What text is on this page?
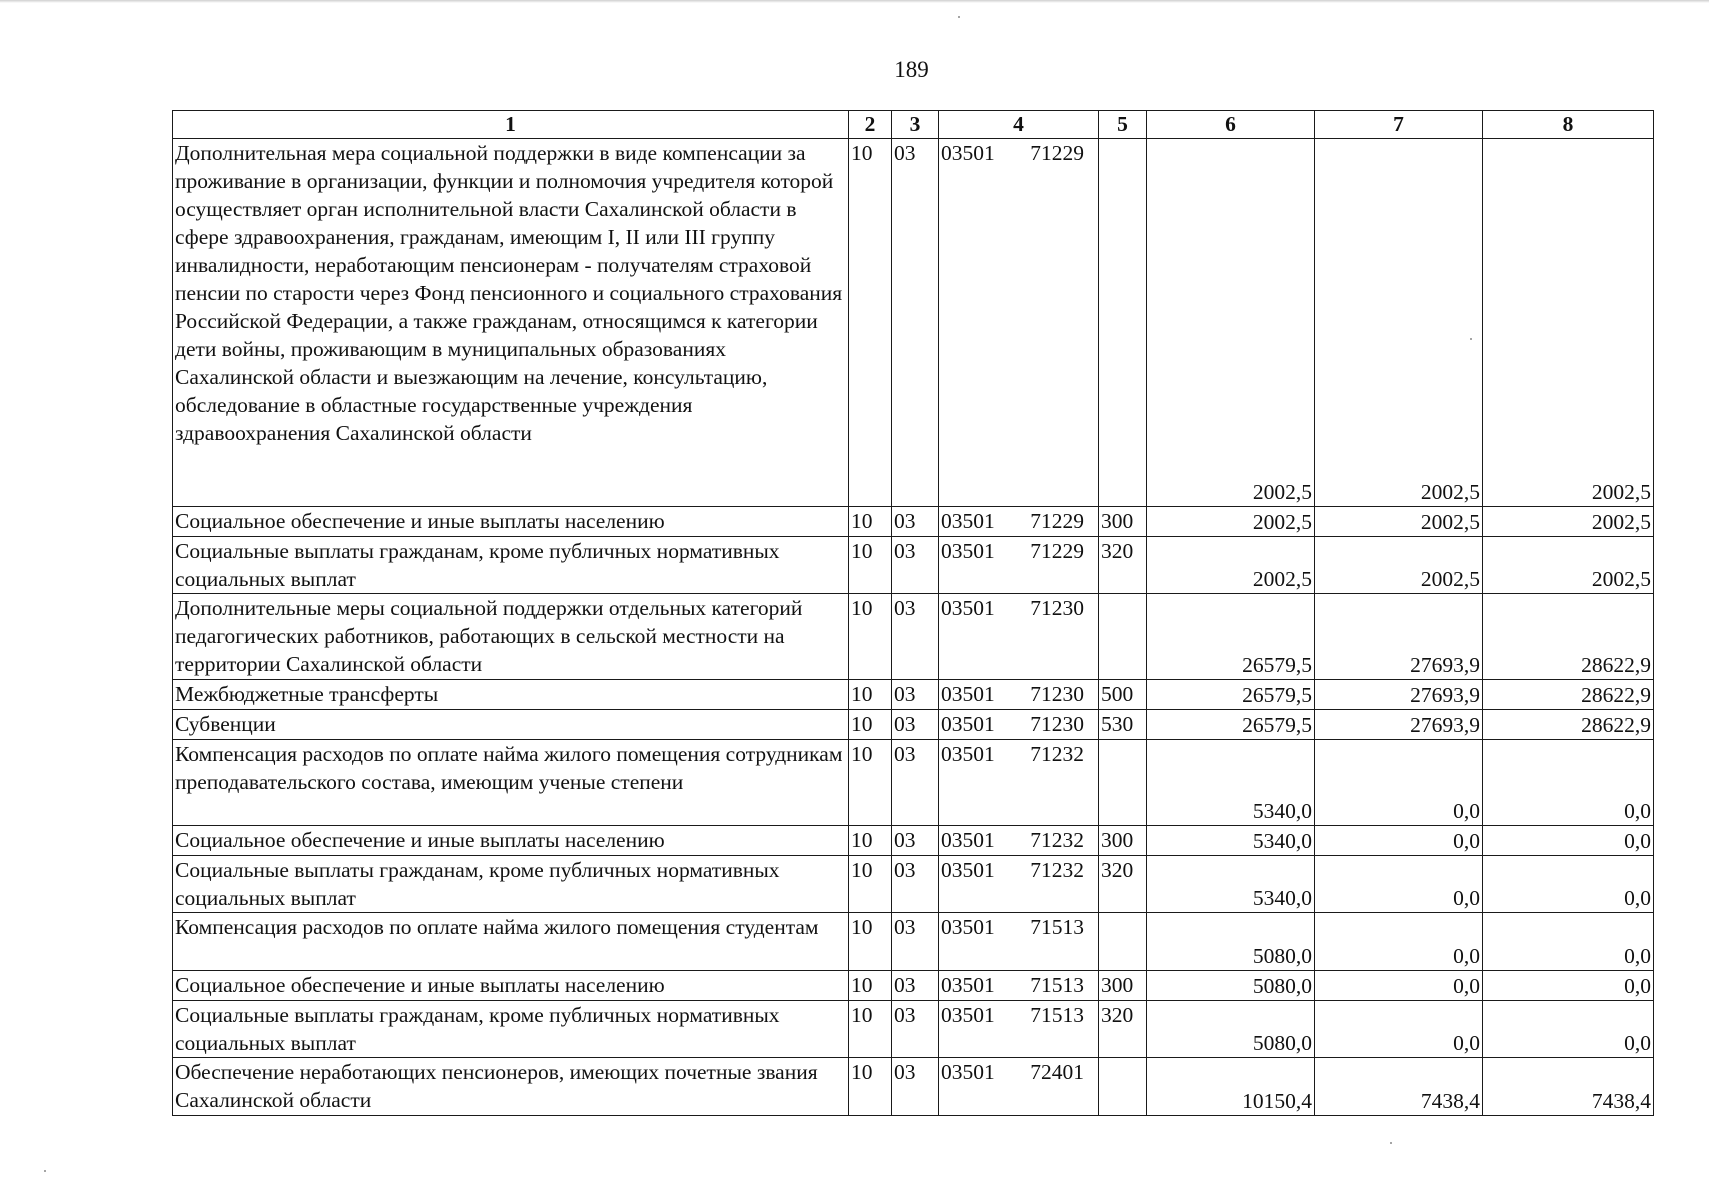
189
1	2	3	4	5	6	7	8
Дополнительная мера социальной поддержки в виде компенсации за проживание в организации, функции и полномочия учредителя которой осуществляет орган исполнительной власти Сахалинской области в сфере здравоохранения, гражданам, имеющим I, II или III группу инвалидности, неработающим пенсионерам - получателям страховой пенсии по старости через Фонд пенсионного и социального страхования Российской Федерации, а также гражданам, относящимся к категории дети войны, проживающим в муниципальных образованиях Сахалинской области и выезжающим на лечение, консультацию, обследование в областные государственные учреждения здравоохранения Сахалинской области	10	03	03501 71229		2002,5	2002,5	2002,5
Социальное обеспечение и иные выплаты населению	10	03	03501 71229	300	2002,5	2002,5	2002,5
Социальные выплаты гражданам, кроме публичных нормативных социальных выплат	10	03	03501 71229	320	2002,5	2002,5	2002,5
Дополнительные меры социальной поддержки отдельных категорий педагогических работников, работающих в сельской местности на территории Сахалинской области	10	03	03501 71230		26579,5	27693,9	28622,9
Межбюджетные трансферты	10	03	03501 71230	500	26579,5	27693,9	28622,9
Субвенции	10	03	03501 71230	530	26579,5	27693,9	28622,9
Компенсация расходов по оплате найма жилого помещения сотрудникам преподавательского состава, имеющим ученые степени	10	03	03501 71232		5340,0	0,0	0,0
Социальное обеспечение и иные выплаты населению	10	03	03501 71232	300	5340,0	0,0	0,0
Социальные выплаты гражданам, кроме публичных нормативных социальных выплат	10	03	03501 71232	320	5340,0	0,0	0,0
Компенсация расходов по оплате найма жилого помещения студентам	10	03	03501 71513		5080,0	0,0	0,0
Социальное обеспечение и иные выплаты населению	10	03	03501 71513	300	5080,0	0,0	0,0
Социальные выплаты гражданам, кроме публичных нормативных социальных выплат	10	03	03501 71513	320	5080,0	0,0	0,0
Обеспечение неработающих пенсионеров, имеющих почетные звания Сахалинской области	10	03	03501 72401		10150,4	7438,4	7438,4
